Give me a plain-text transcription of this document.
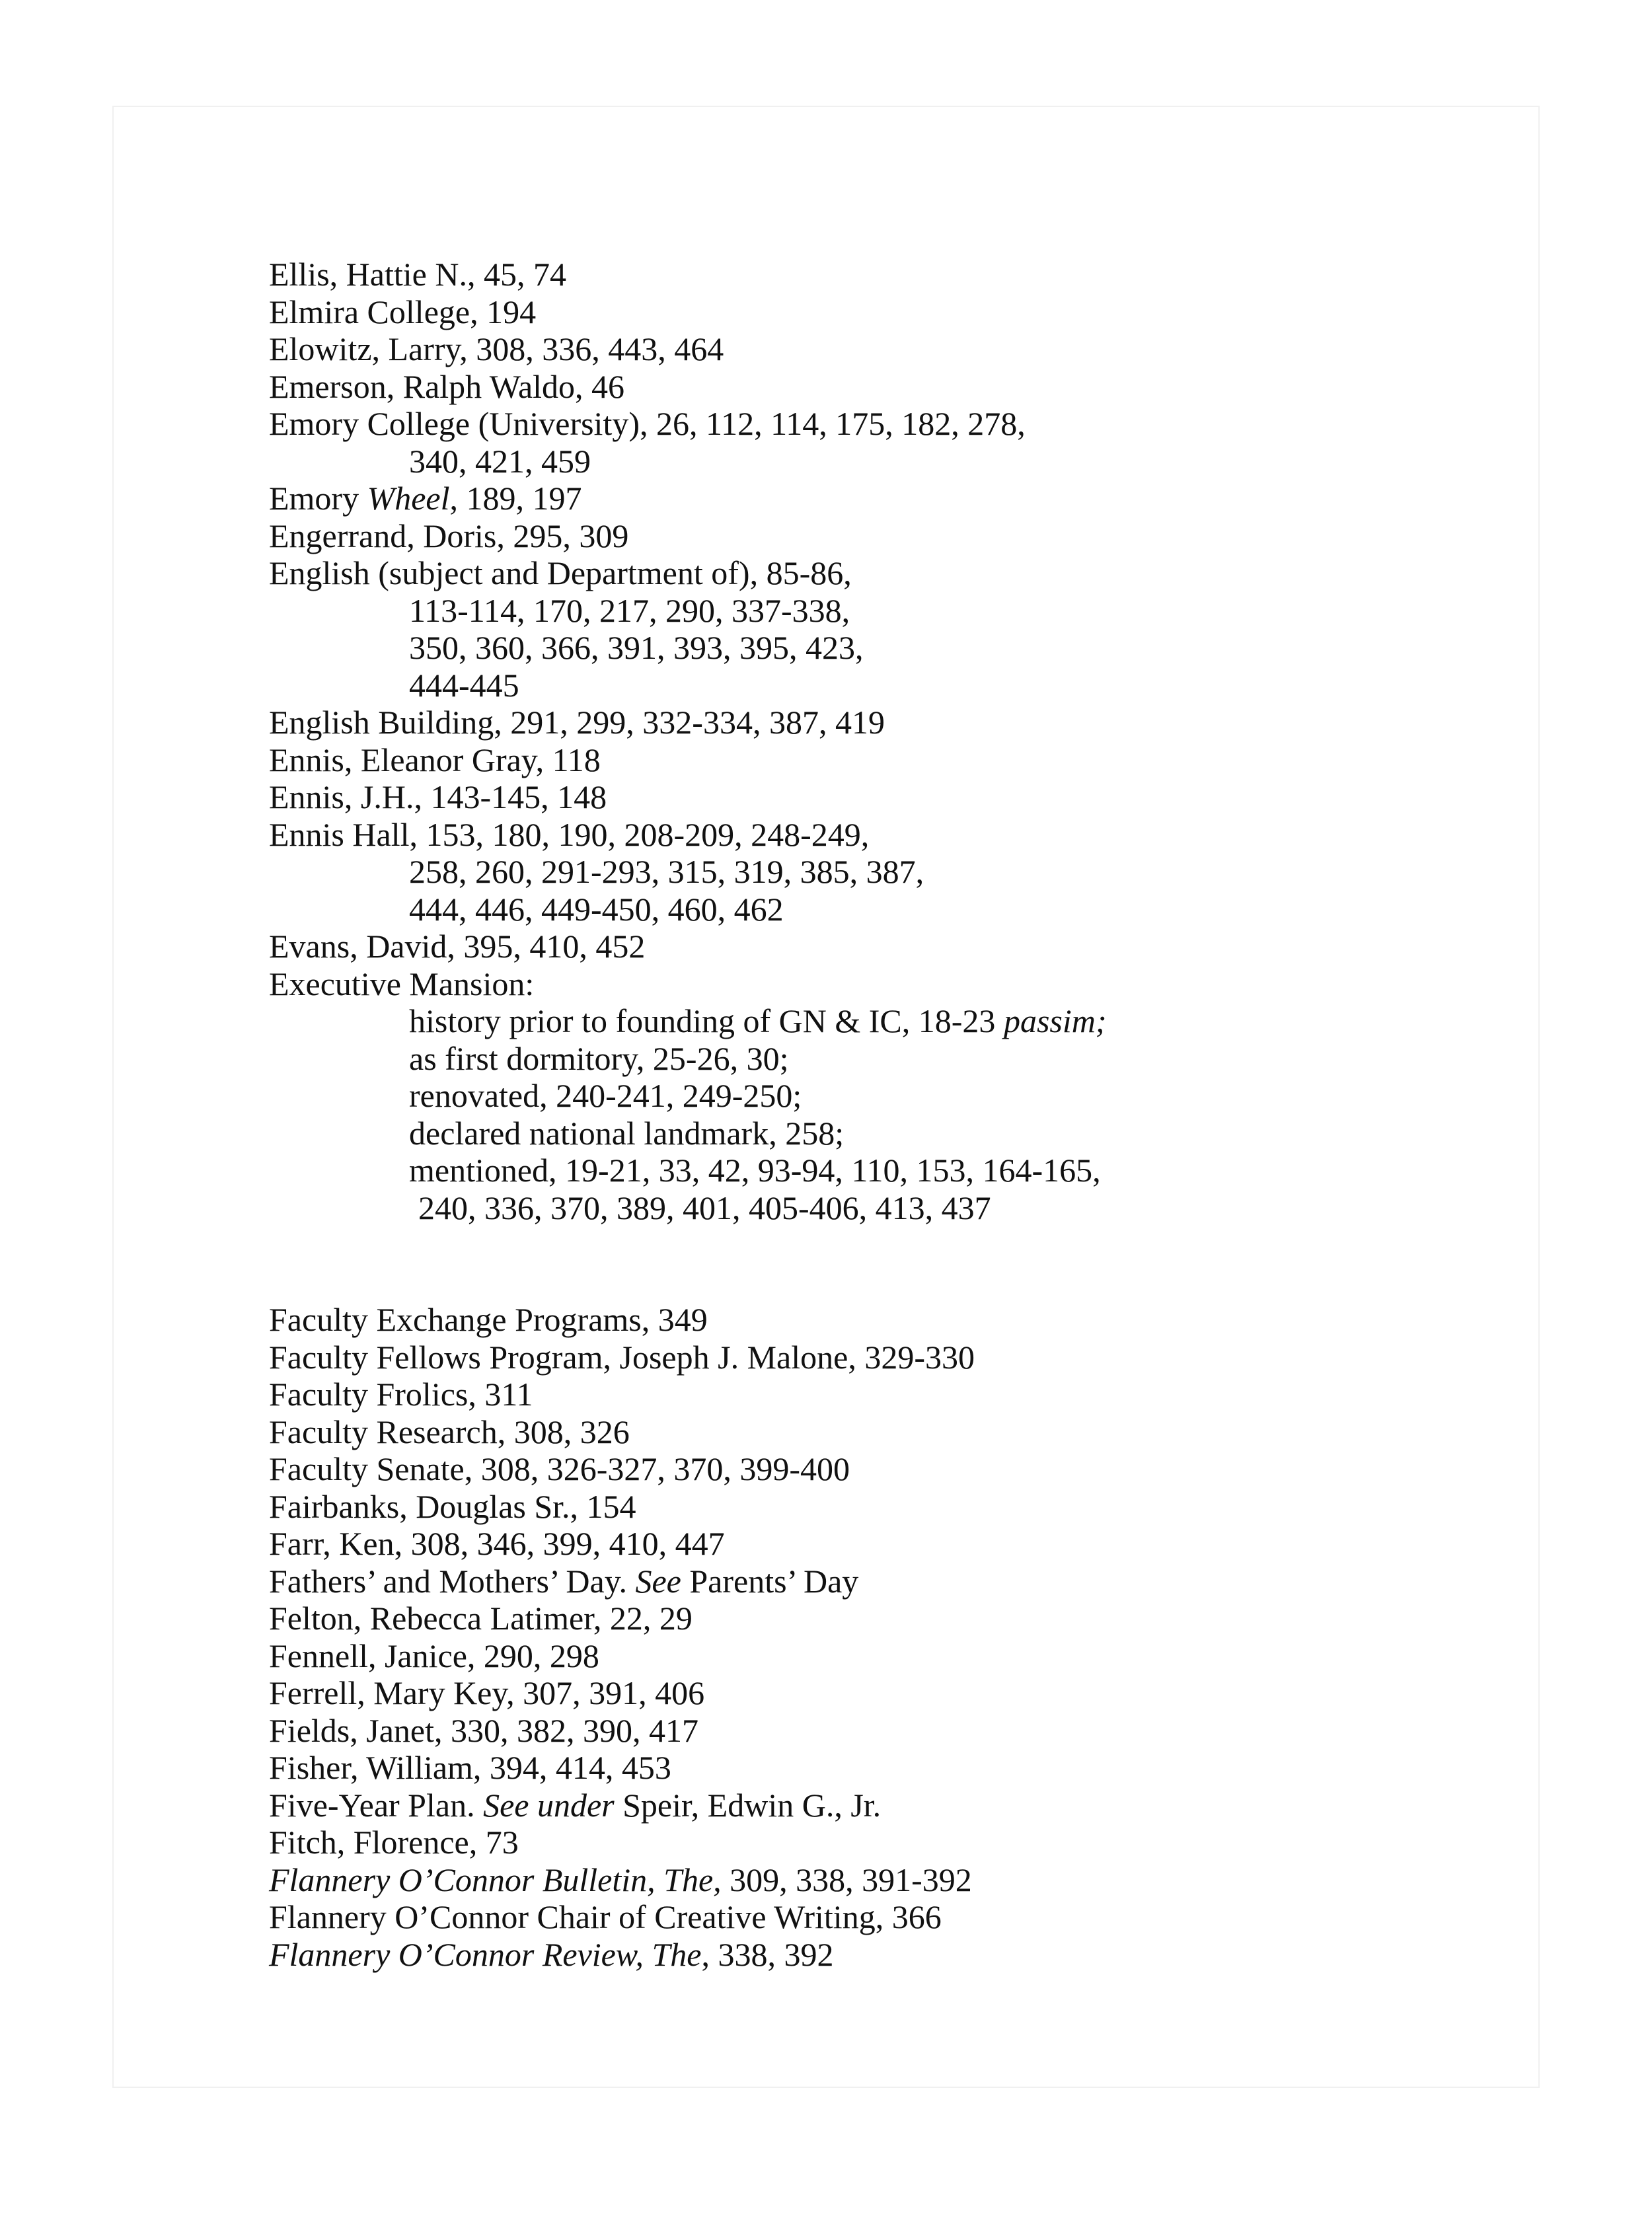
Ellis, Hattie N., 45, 74
Elmira College, 194
Elowitz, Larry, 308, 336, 443, 464
Emerson, Ralph Waldo, 46
Emory College (University), 26, 112, 114, 175, 182, 278,
340, 421, 459
Emory Wheel, 189, 197
Engerrand, Doris, 295, 309
English (subject and Department of), 85-86,
113-114, 170, 217, 290, 337-338,
350, 360, 366, 391, 393, 395, 423,
444-445
English Building, 291, 299, 332-334, 387, 419
Ennis, Eleanor Gray, 118
Ennis, J.H., 143-145, 148
Ennis Hall, 153, 180, 190, 208-209, 248-249,
258, 260, 291-293, 315, 319, 385, 387,
444, 446, 449-450, 460, 462
Evans, David, 395, 410, 452
Executive Mansion:
history prior to founding of GN & IC, 18-23 passim;
as first dormitory, 25-26, 30;
renovated, 240-241, 249-250;
declared national landmark, 258;
mentioned, 19-21, 33, 42, 93-94, 110, 153, 164-165,
240, 336, 370, 389, 401, 405-406, 413, 437
Faculty Exchange Programs, 349
Faculty Fellows Program, Joseph J. Malone, 329-330
Faculty Frolics, 311
Faculty Research, 308, 326
Faculty Senate, 308, 326-327, 370, 399-400
Fairbanks, Douglas Sr., 154
Farr, Ken, 308, 346, 399, 410, 447
Fathers’ and Mothers’ Day. See Parents’ Day
Felton, Rebecca Latimer, 22, 29
Fennell, Janice, 290, 298
Ferrell, Mary Key, 307, 391, 406
Fields, Janet, 330, 382, 390, 417
Fisher, William, 394, 414, 453
Five-Year Plan. See under Speir, Edwin G., Jr.
Fitch, Florence, 73
Flannery O’Connor Bulletin, The, 309, 338, 391-392
Flannery O’Connor Chair of Creative Writing, 366
Flannery O’Connor Review, The, 338, 392
